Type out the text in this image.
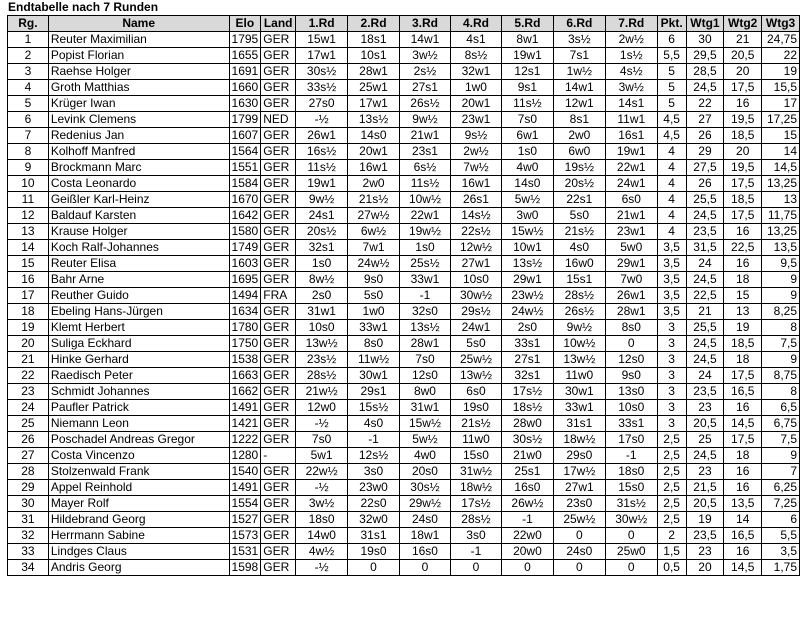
Endtabelle nach 7 Runden
Rg.	Name	Elo	Land	1.Rd	2.Rd	3.Rd	4.Rd	5.Rd	6.Rd	7.Rd	Pkt.	Wtg1	Wtg2	Wtg3
1	Reuter Maximilian	1795	GER	15w1	18s1	14w1	4s1	8w1	3s½	2w½	6	30	21	24,75
2	Popist Florian	1655	GER	17w1	10s1	3w½	8s½	19w1	7s1	1s½	5,5	29,5	20,5	22
3	Raehse Holger	1691	GER	30s½	28w1	2s½	32w1	12s1	1w½	4s½	5	28,5	20	19
4	Groth Matthias	1660	GER	33s½	25w1	27s1	1w0	9s1	14w1	3w½	5	24,5	17,5	15,5
5	Krüger Iwan	1630	GER	27s0	17w1	26s½	20w1	11s½	12w1	14s1	5	22	16	17
6	Levink Clemens	1799	NED	-½	13s½	9w½	23w1	7s0	8s1	11w1	4,5	27	19,5	17,25
7	Redenius Jan	1607	GER	26w1	14s0	21w1	9s½	6w1	2w0	16s1	4,5	26	18,5	15
8	Kolhoff Manfred	1564	GER	16s½	20w1	23s1	2w½	1s0	6w0	19w1	4	29	20	14
9	Brockmann Marc	1551	GER	11s½	16w1	6s½	7w½	4w0	19s½	22w1	4	27,5	19,5	14,5
10	Costa Leonardo	1584	GER	19w1	2w0	11s½	16w1	14s0	20s½	24w1	4	26	17,5	13,25
11	Geißler Karl-Heinz	1670	GER	9w½	21s½	10w½	26s1	5w½	22s1	6s0	4	25,5	18,5	13
12	Baldauf Karsten	1642	GER	24s1	27w½	22w1	14s½	3w0	5s0	21w1	4	24,5	17,5	11,75
13	Krause Holger	1580	GER	20s½	6w½	19w½	22s½	15w½	21s½	23w1	4	23,5	16	13,25
14	Koch Ralf-Johannes	1749	GER	32s1	7w1	1s0	12w½	10w1	4s0	5w0	3,5	31,5	22,5	13,5
15	Reuter Elisa	1603	GER	1s0	24w½	25s½	27w1	13s½	16w0	29w1	3,5	24	16	9,5
16	Bahr Arne	1695	GER	8w½	9s0	33w1	10s0	29w1	15s1	7w0	3,5	24,5	18	9
17	Reuther Guido	1494	FRA	2s0	5s0	-1	30w½	23w½	28s½	26w1	3,5	22,5	15	9
18	Ebeling Hans-Jürgen	1634	GER	31w1	1w0	32s0	29s½	24w½	26s½	28w1	3,5	21	13	8,25
19	Klemt Herbert	1780	GER	10s0	33w1	13s½	24w1	2s0	9w½	8s0	3	25,5	19	8
20	Suliga Eckhard	1750	GER	13w½	8s0	28w1	5s0	33s1	10w½	0	3	24,5	18,5	7,5
21	Hinke Gerhard	1538	GER	23s½	11w½	7s0	25w½	27s1	13w½	12s0	3	24,5	18	9
22	Raedisch Peter	1663	GER	28s½	30w1	12s0	13w½	32s1	11w0	9s0	3	24	17,5	8,75
23	Schmidt Johannes	1662	GER	21w½	29s1	8w0	6s0	17s½	30w1	13s0	3	23,5	16,5	8
24	Paufler Patrick	1491	GER	12w0	15s½	31w1	19s0	18s½	33w1	10s0	3	23	16	6,5
25	Niemann Leon	1421	GER	-½	4s0	15w½	21s½	28w0	31s1	33s1	3	20,5	14,5	6,75
26	Poschadel Andreas Gregor	1222	GER	7s0	-1	5w½	11w0	30s½	18w½	17s0	2,5	25	17,5	7,5
27	Costa Vincenzo	1280	-	5w1	12s½	4w0	15s0	21w0	29s0	-1	2,5	24,5	18	9
28	Stolzenwald Frank	1540	GER	22w½	3s0	20s0	31w½	25s1	17w½	18s0	2,5	23	16	7
29	Appel Reinhold	1491	GER	-½	23w0	30s½	18w½	16s0	27w1	15s0	2,5	21,5	16	6,25
30	Mayer Rolf	1554	GER	3w½	22s0	29w½	17s½	26w½	23s0	31s½	2,5	20,5	13,5	7,25
31	Hildebrand Georg	1527	GER	18s0	32w0	24s0	28s½	-1	25w½	30w½	2,5	19	14	6
32	Herrmann Sabine	1573	GER	14w0	31s1	18w1	3s0	22w0	0	0	2	23,5	16,5	5,5
33	Lindges Claus	1531	GER	4w½	19s0	16s0	-1	20w0	24s0	25w0	1,5	23	16	3,5
34	Andris Georg	1598	GER	-½	0	0	0	0	0	0	0,5	20	14,5	1,75
